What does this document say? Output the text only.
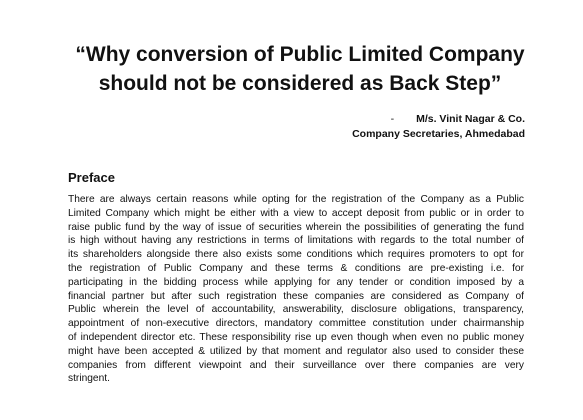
“Why conversion of Public Limited Company
should not be considered as Back Step”
- M/s. Vinit Nagar & Co.
Company Secretaries, Ahmedabad
Preface
There are always certain reasons while opting for the registration of the Company as a Public
Limited Company which might be either with a view to accept deposit from public or in order to
raise public fund by the way of issue of securities wherein the possibilities of generating the fund
is high without having any restrictions in terms of limitations with regards to the total number of
its shareholders alongside there also exists some conditions which requires promoters to opt for
the registration of Public Company and these terms & conditions are pre-existing i.e. for
participating in the bidding process while applying for any tender or condition imposed by a
financial partner but after such registration these companies are considered as Company of
Public wherein the level of accountability, answerability, disclosure obligations, transparency,
appointment of non-executive directors, mandatory committee constitution under chairmanship
of independent director etc. These responsibility rise up even though when even no public money
might have been accepted & utilized by that moment and regulator also used to consider these
companies from different viewpoint and their surveillance over there companies are very
stringent.
